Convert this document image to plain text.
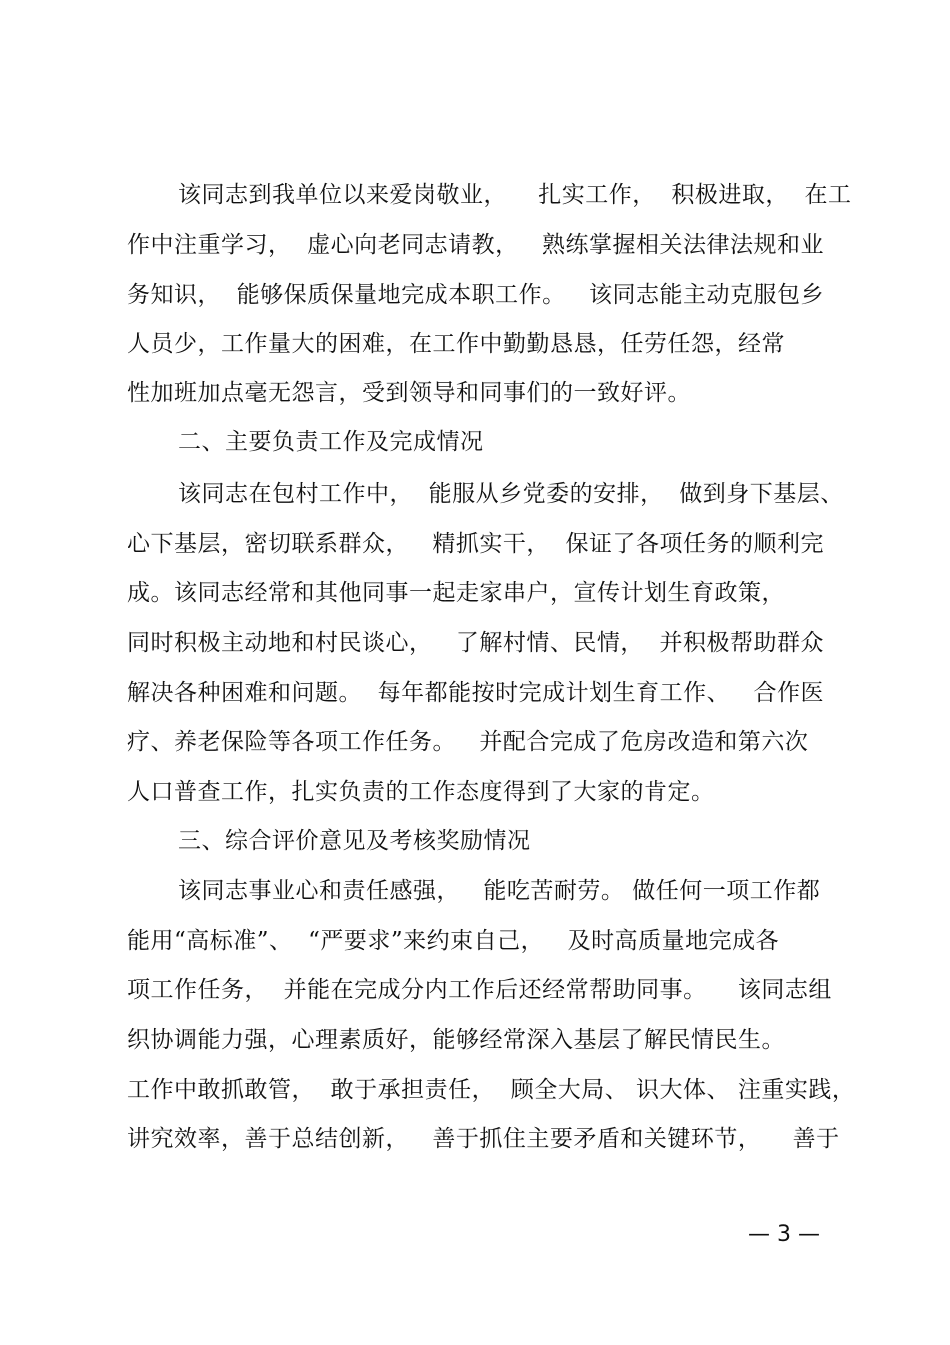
该同志到我单位以来爱岗敬业，    扎实工作，  积极进取，  在工
作中注重学习，  虚心向老同志请教，   熟练掌握相关法律法规和业
务知识，  能够保质保量地完成本职工作。   该同志能主动克服包乡
人员少，工作量大的困难，在工作中勤勤恳恳，任劳任怨，经常
性加班加点毫无怨言，受到领导和同事们的一致好评。
二、主要负责工作及完成情况
该同志在包村工作中，  能服从乡党委的安排，  做到身下基层、
心下基层，密切联系群众，   精抓实干，  保证了各项任务的顺利完
成。该同志经常和其他同事一起走家串户，宣传计划生育政策，
同时积极主动地和村民谈心，   了解村情、民情，  并积极帮助群众
解决各种困难和问题。  每年都能按时完成计划生育工作、   合作医
疗、养老保险等各项工作任务。   并配合完成了危房改造和第六次
人口普查工作，扎实负责的工作态度得到了大家的肯定。
三、综合评价意见及考核奖励情况
该同志事业心和责任感强，   能吃苦耐劳。 做任何一项工作都
能用“高标准”、  “严要求”来约束自己，   及时高质量地完成各
项工作任务，  并能在完成分内工作后还经常帮助同事。    该同志组
织协调能力强，心理素质好，能够经常深入基层了解民情民生。
工作中敢抓敢管，  敢于承担责任，  顾全大局、 识大体、 注重实践，
讲究效率，善于总结创新，   善于抓住主要矛盾和关键环节，    善于
— 3 —
